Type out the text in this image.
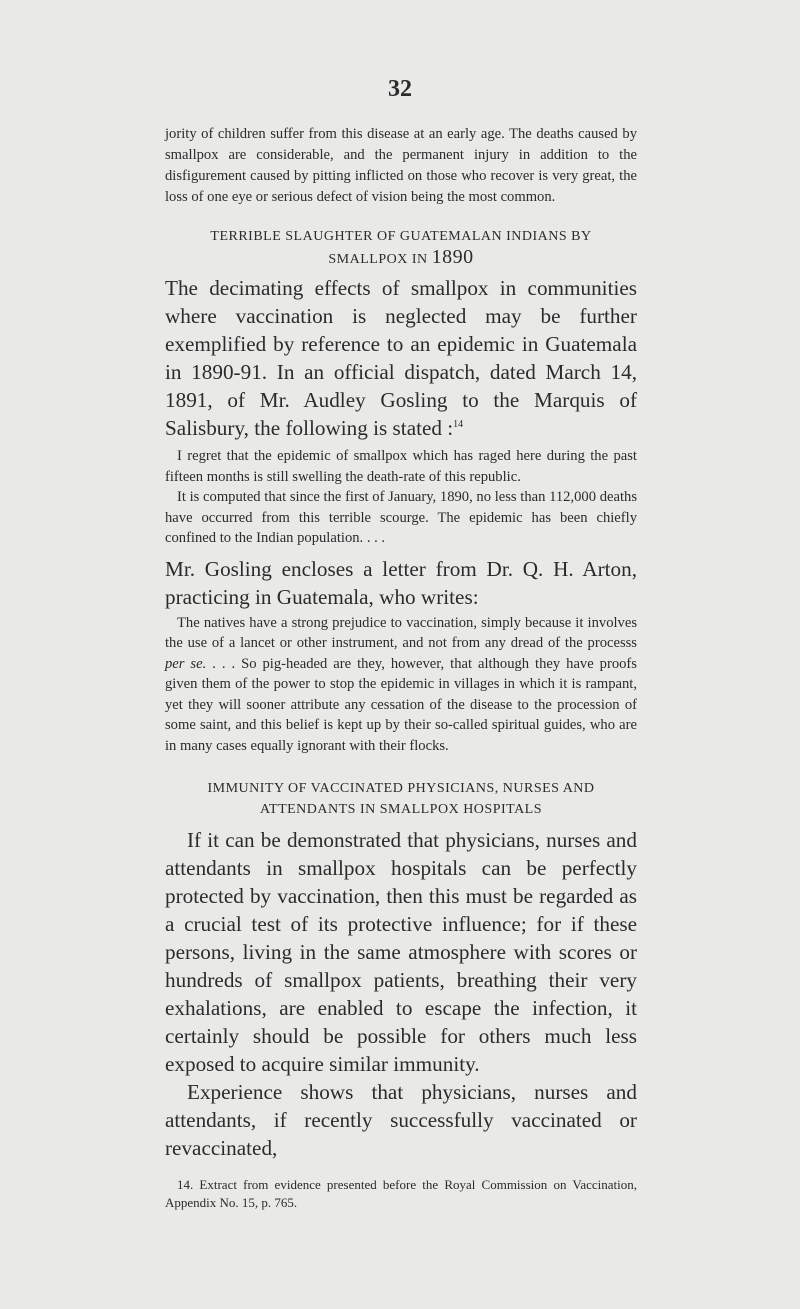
32

jority of children suffer from this disease at an early age. The deaths caused by smallpox are considerable, and the permanent injury in addition to the disfigurement caused by pitting inflicted on those who recover is very great, the loss of one eye or serious defect of vision being the most common.

TERRIBLE SLAUGHTER OF GUATEMALAN INDIANS BY

SMALLPOX IN 1890

The decimating effects of smallpox in communities where vaccination is neglected may be further exemplified by reference to an epidemic in Guatemala in 1890-91. In an official dispatch, dated March 14, 1891, of Mr. Audley Gosling to the Marquis of Salisbury, the following is stated :$^{14}$

I regret that the epidemic of smallpox which has raged here during the past fifteen months is still swelling the death-rate of this republic.

It is computed that since the first of January, 1890, no less than 112,000 deaths have occurred from this terrible scourge. The epidemic has been chiefly confined to the Indian population. . . .

Mr. Gosling encloses a letter from Dr. Q. H. Arton, practicing in Guatemala, who writes:

The natives have a strong prejudice to vaccination, simply because it involves the use of a lancet or other instrument, and not from any dread of the processs per se. . . . So pig-headed are they, however, that although they have proofs given them of the power to stop the epidemic in villages in which it is rampant, yet they will sooner attribute any cessation of the disease to the procession of some saint, and this belief is kept up by their so-called spiritual guides, who are in many cases equally ignorant with their flocks.

IMMUNITY OF VACCINATED PHYSICIANS, NURSES AND

ATTENDANTS IN SMALLPOX HOSPITALS

If it can be demonstrated that physicians, nurses and attendants in smallpox hospitals can be perfectly protected by vaccination, then this must be regarded as a crucial test of its protective influence; for if these persons, living in the same atmosphere with scores or hundreds of smallpox patients, breathing their very exhalations, are enabled to escape the infection, it certainly should be possible for others much less exposed to acquire similar immunity.

Experience shows that physicians, nurses and attendants, if recently successfully vaccinated or revaccinated,

14. Extract from evidence presented before the Royal Commission on Vaccination, Appendix No. 15, p. 765.
